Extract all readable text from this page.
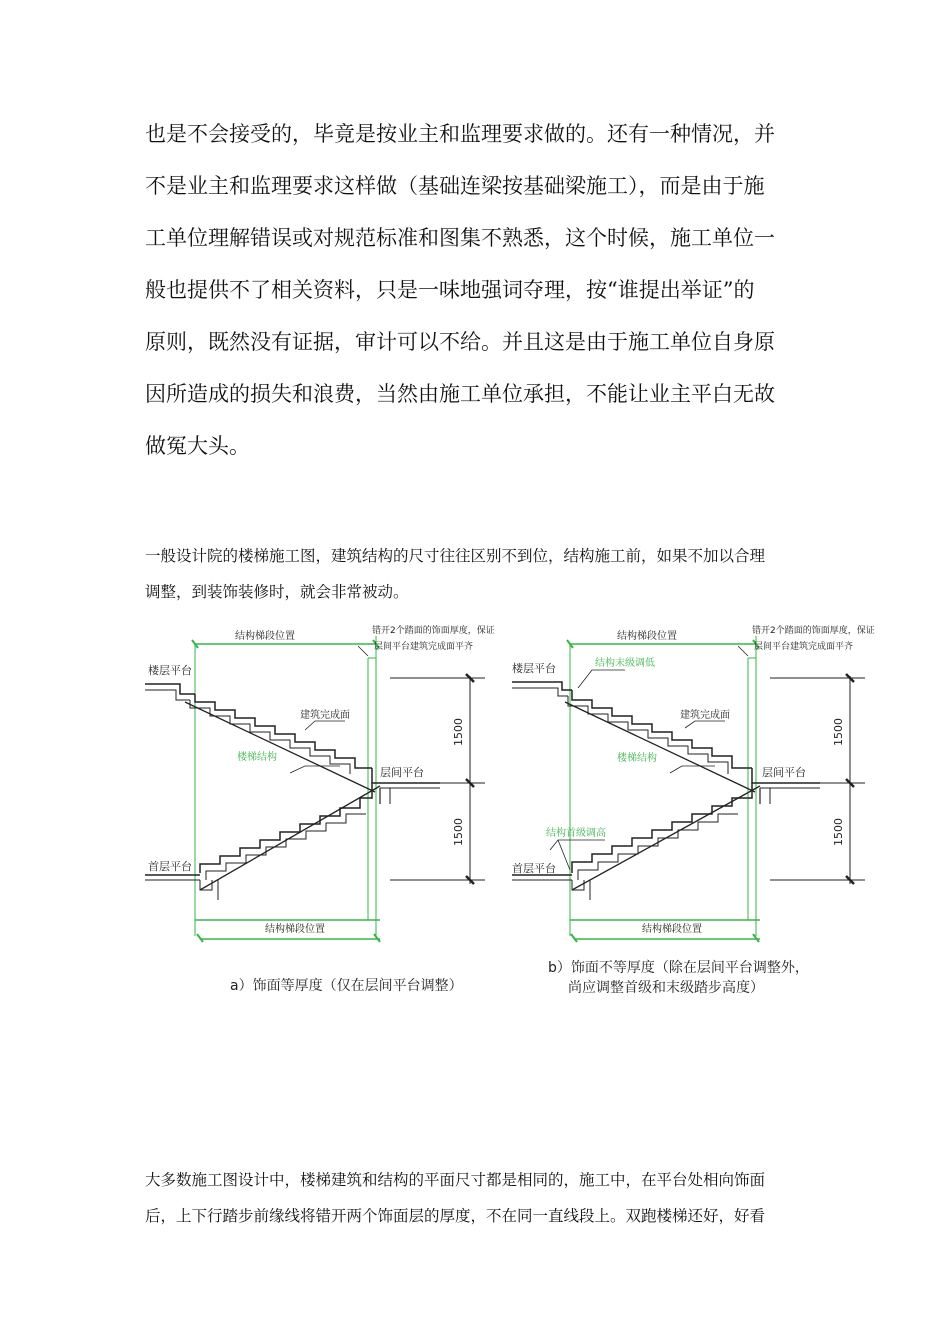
也是不会接受的，毕竟是按业主和监理要求做的。还有一种情况，并

不是业主和监理要求这样做（基础连梁按基础梁施工），而是由于施

工单位理解错误或对规范标准和图集不熟悉，这个时候，施工单位一

般也提供不了相关资料，只是一味地强词夺理，按“谁提出举证”的

原则，既然没有证据，审计可以不给。并且这是由于施工单位自身原

因所造成的损失和浪费，当然由施工单位承担，不能让业主平白无故

做冤大头。

一般设计院的楼梯施工图，建筑结构的尺寸往往区别不到位，结构施工前，如果不加以合理

调整，到装饰装修时，就会非常被动。

结构梯段位置	错开2个踏面的饰面厚度，保证
层间平台建筑完成面平齐
楼层平台
建筑完成面
楼梯结构
层间平台
首层平台
结构梯段位置
1500
1500
a）饰面等厚度（仅在层间平台调整）
结构梯段位置	错开2个踏面的饰面厚度，保证
层间平台建筑完成面平齐
楼层平台	结构末级调低
建筑完成面
楼梯结构
层间平台
结构首级调高
首层平台
结构梯段位置
1500
1500
b）饰面不等厚度（除在层间平台调整外，
尚应调整首级和末级踏步高度）

大多数施工图设计中，楼梯建筑和结构的平面尺寸都是相同的，施工中，在平台处相向饰面

后，上下行踏步前缘线将错开两个饰面层的厚度，不在同一直线段上。双跑楼梯还好，好看
